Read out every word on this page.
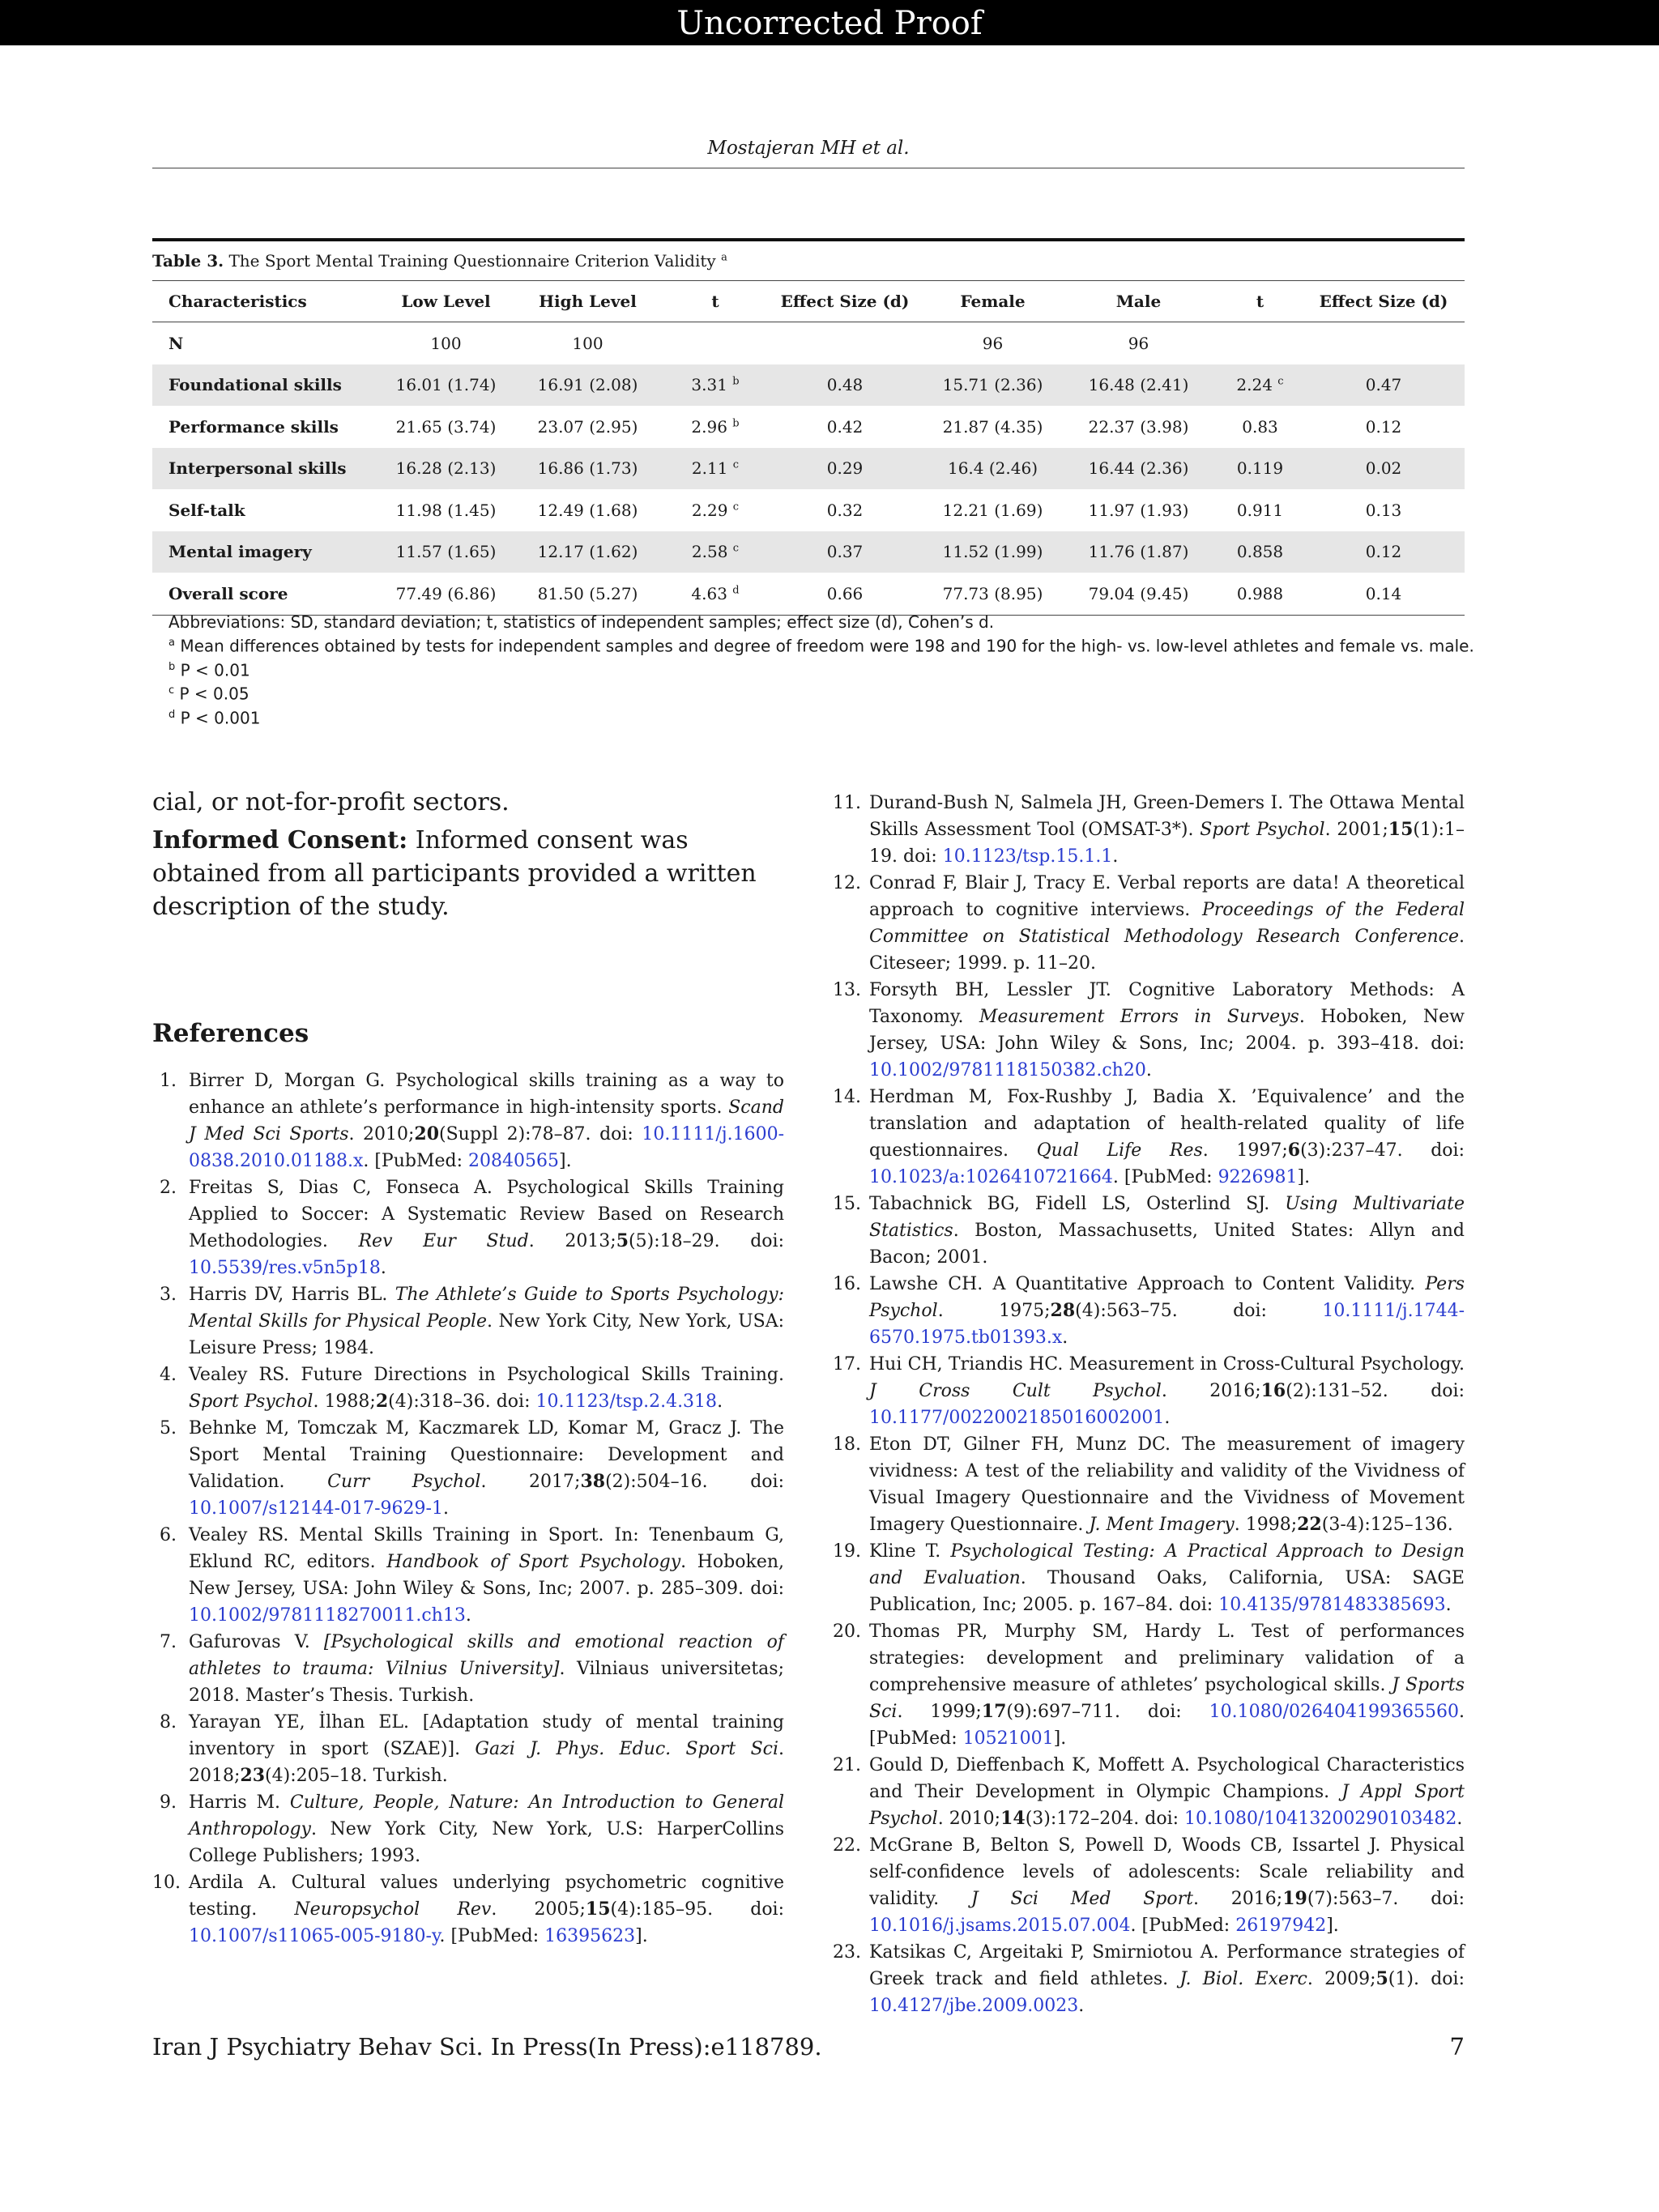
Uncorrected Proof
Mostajeran MH et al.
Table 3. The Sport Mental Training Questionnaire Criterion Validity $^a$
Characteristics	Low Level	High Level	t	Effect Size (d)	Female	Male	t	Effect Size (d)
N	100	100			96	96		
Foundational skills	16.01 (1.74)	16.91 (2.08)	3.31 $^b$	0.48	15.71 (2.36)	16.48 (2.41)	2.24 $^c$	0.47
Performance skills	21.65 (3.74)	23.07 (2.95)	2.96 $^b$	0.42	21.87 (4.35)	22.37 (3.98)	0.83	0.12
Interpersonal skills	16.28 (2.13)	16.86 (1.73)	2.11 $^c$	0.29	16.4 (2.46)	16.44 (2.36)	0.119	0.02
Self-talk	11.98 (1.45)	12.49 (1.68)	2.29 $^c$	0.32	12.21 (1.69)	11.97 (1.93)	0.911	0.13
Mental imagery	11.57 (1.65)	12.17 (1.62)	2.58 $^c$	0.37	11.52 (1.99)	11.76 (1.87)	0.858	0.12
Overall score	77.49 (6.86)	81.50 (5.27)	4.63 $^d$	0.66	77.73 (8.95)	79.04 (9.45)	0.988	0.14
Abbreviations: SD, standard deviation; t, statistics of independent samples; effect size (d), Cohen’s d.
$^a$ Mean differences obtained by tests for independent samples and degree of freedom were 198 and 190 for the high- vs. low-level athletes and female vs. male.
$^b$ P < 0.01
$^c$ P < 0.05
$^d$ P < 0.001
cial, or not-for-profit sectors.
Informed Consent: Informed consent was obtained from all participants provided a written description of the study.
References
1. Birrer D, Morgan G. Psychological skills training as a way to enhance an athlete’s performance in high-intensity sports. Scand J Med Sci Sports. 2010;20(Suppl 2):78–87. doi: 10.1111/j.1600-0838.2010.01188.x. [PubMed: 20840565].
2. Freitas S, Dias C, Fonseca A. Psychological Skills Training Applied to Soccer: A Systematic Review Based on Research Methodologies. Rev Eur Stud. 2013;5(5):18–29. doi: 10.5539/res.v5n5p18.
3. Harris DV, Harris BL. The Athlete’s Guide to Sports Psychology: Mental Skills for Physical People. New York City, New York, USA: Leisure Press; 1984.
4. Vealey RS. Future Directions in Psychological Skills Training. Sport Psychol. 1988;2(4):318–36. doi: 10.1123/tsp.2.4.318.
5. Behnke M, Tomczak M, Kaczmarek LD, Komar M, Gracz J. The Sport Mental Training Questionnaire: Development and Validation. Curr Psychol. 2017;38(2):504–16. doi: 10.1007/s12144-017-9629-1.
6. Vealey RS. Mental Skills Training in Sport. In: Tenenbaum G, Eklund RC, editors. Handbook of Sport Psychology. Hoboken, New Jersey, USA: John Wiley & Sons, Inc; 2007. p. 285–309. doi: 10.1002/9781118270011.ch13.
7. Gafurovas V. [Psychological skills and emotional reaction of athletes to trauma: Vilnius University]. Vilniaus universitetas; 2018. Master’s Thesis. Turkish.
8. Yarayan YE, İlhan EL. [Adaptation study of mental training inventory in sport (SZAE)]. Gazi J. Phys. Educ. Sport Sci. 2018;23(4):205–18. Turkish.
9. Harris M. Culture, People, Nature: An Introduction to General Anthropology. New York City, New York, U.S: HarperCollins College Publishers; 1993.
10. Ardila A. Cultural values underlying psychometric cognitive testing. Neuropsychol Rev. 2005;15(4):185–95. doi: 10.1007/s11065-005-9180-y. [PubMed: 16395623].
11. Durand-Bush N, Salmela JH, Green-Demers I. The Ottawa Mental Skills Assessment Tool (OMSAT-3*). Sport Psychol. 2001;15(1):1–19. doi: 10.1123/tsp.15.1.1.
12. Conrad F, Blair J, Tracy E. Verbal reports are data! A theoretical approach to cognitive interviews. Proceedings of the Federal Committee on Statistical Methodology Research Conference. Citeseer; 1999. p. 11–20.
13. Forsyth BH, Lessler JT. Cognitive Laboratory Methods: A Taxonomy. Measurement Errors in Surveys. Hoboken, New Jersey, USA: John Wiley & Sons, Inc; 2004. p. 393–418. doi: 10.1002/9781118150382.ch20.
14. Herdman M, Fox-Rushby J, Badia X. ’Equivalence’ and the translation and adaptation of health-related quality of life questionnaires. Qual Life Res. 1997;6(3):237–47. doi: 10.1023/a:1026410721664. [PubMed: 9226981].
15. Tabachnick BG, Fidell LS, Osterlind SJ. Using Multivariate Statistics. Boston, Massachusetts, United States: Allyn and Bacon; 2001.
16. Lawshe CH. A Quantitative Approach to Content Validity. Pers Psychol. 1975;28(4):563–75. doi: 10.1111/j.1744-6570.1975.tb01393.x.
17. Hui CH, Triandis HC. Measurement in Cross-Cultural Psychology. J Cross Cult Psychol. 2016;16(2):131–52. doi: 10.1177/0022002185016002001.
18. Eton DT, Gilner FH, Munz DC. The measurement of imagery vividness: A test of the reliability and validity of the Vividness of Visual Imagery Questionnaire and the Vividness of Movement Imagery Questionnaire. J. Ment Imagery. 1998;22(3-4):125–136.
19. Kline T. Psychological Testing: A Practical Approach to Design and Evaluation. Thousand Oaks, California, USA: SAGE Publication, Inc; 2005. p. 167–84. doi: 10.4135/9781483385693.
20. Thomas PR, Murphy SM, Hardy L. Test of performances strategies: development and preliminary validation of a comprehensive measure of athletes’ psychological skills. J Sports Sci. 1999;17(9):697–711. doi: 10.1080/026404199365560. [PubMed: 10521001].
21. Gould D, Dieffenbach K, Moffett A. Psychological Characteristics and Their Development in Olympic Champions. J Appl Sport Psychol. 2010;14(3):172–204. doi: 10.1080/10413200290103482.
22. McGrane B, Belton S, Powell D, Woods CB, Issartel J. Physical self-confidence levels of adolescents: Scale reliability and validity. J Sci Med Sport. 2016;19(7):563–7. doi: 10.1016/j.jsams.2015.07.004. [PubMed: 26197942].
23. Katsikas C, Argeitaki P, Smirniotou A. Performance strategies of Greek track and field athletes. J. Biol. Exerc. 2009;5(1). doi: 10.4127/jbe.2009.0023.
Iran J Psychiatry Behav Sci. In Press(In Press):e118789.	7
